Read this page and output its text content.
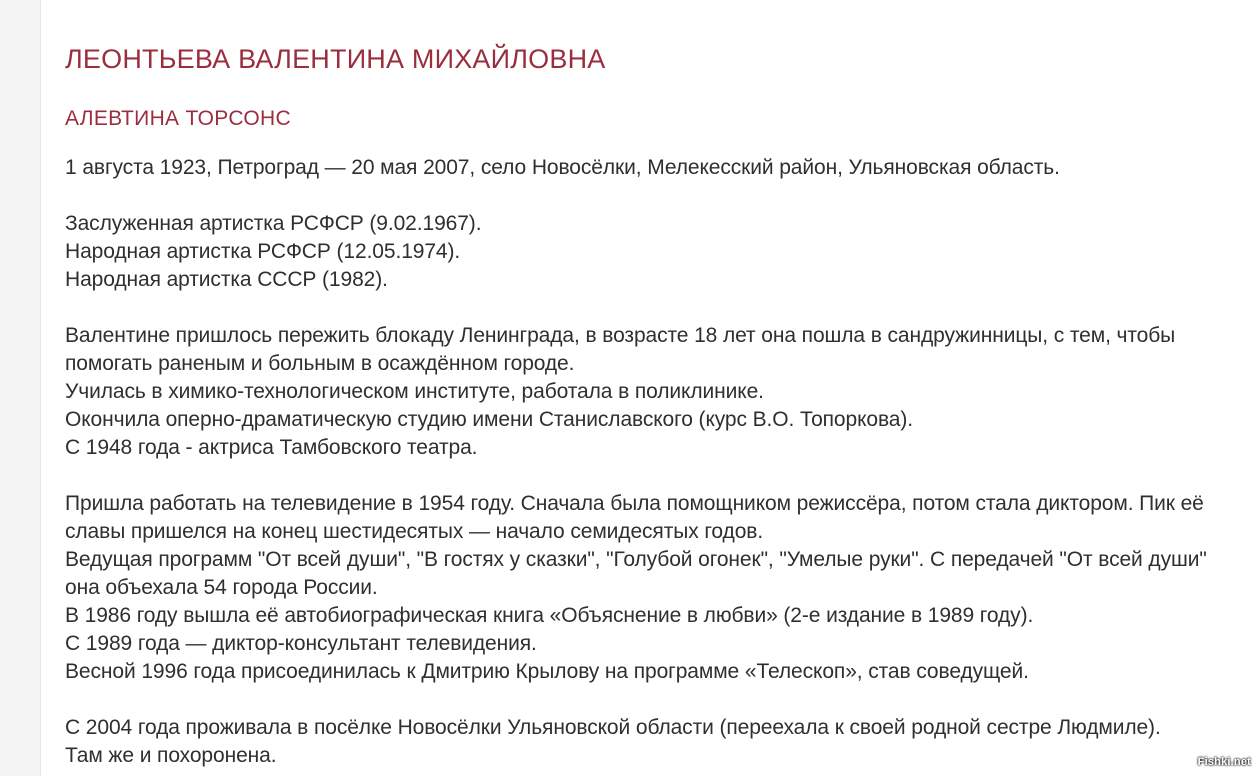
ЛЕОНТЬЕВА ВАЛЕНТИНА МИХАЙЛОВНА
АЛЕВТИНА ТОРСОНС

1 августа 1923, Петроград — 20 мая 2007, село Новосёлки, Мелекесский район, Ульяновская область.

Заслуженная артистка РСФСР (9.02.1967).

Народная артистка РСФСР (12.05.1974).

Народная артистка СССР (1982).

Валентине пришлось пережить блокаду Ленинграда, в возрасте 18 лет она пошла в сандружинницы, с тем, чтобы помогать раненым и больным в осаждённом городе.

Училась в химико-технологическом институте, работала в поликлинике.

Окончила оперно-драматическую студию имени Станиславского (курс В.О. Топоркова).

С 1948 года - актриса Тамбовского театра.

Пришла работать на телевидение в 1954 году. Сначала была помощником режиссёра, потом стала диктором. Пик её славы пришелся на конец шестидесятых — начало семидесятых годов.

Ведущая программ "От всей души", "В гостях у сказки", "Голубой огонек", "Умелые руки". С передачей "От всей души" она объехала 54 города России.

В 1986 году вышла её автобиографическая книга «Объяснение в любви» (2-е издание в 1989 году).

С 1989 года — диктор-консультант телевидения.

Весной 1996 года присоединилась к Дмитрию Крылову на программе «Телескоп», став соведущей.

С 2004 года проживала в посёлке Новосёлки Ульяновской области (переехала к своей родной сестре Людмиле).

Там же и похоронена.	Fishki.net
